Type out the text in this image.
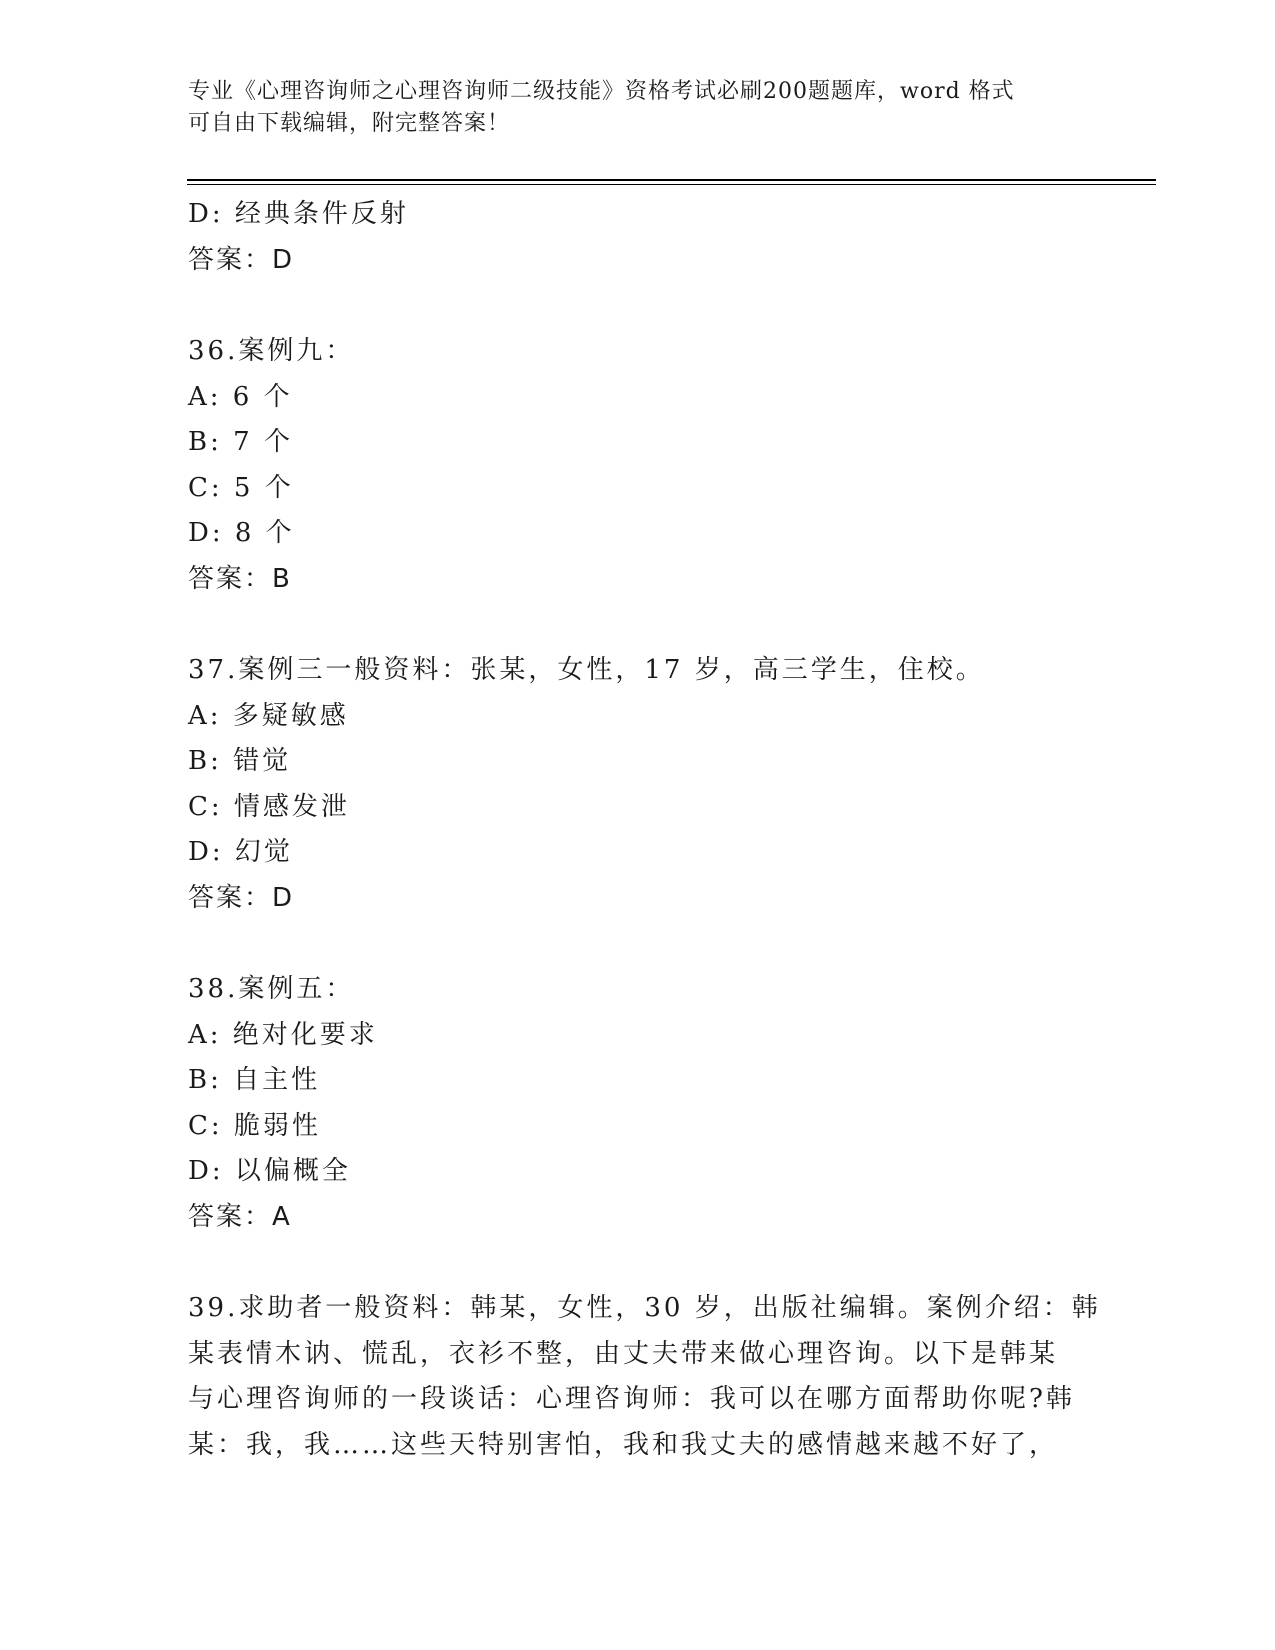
专业《心理咨询师之心理咨询师二级技能》资格考试必刷200题题库，word 格式
可自由下载编辑，附完整答案！
D: 经典条件反射
答案：D
36.案例九：
A: 6 个
B: 7 个
C: 5 个
D: 8 个
答案：B
37.案例三一般资料：张某，女性，17 岁，高三学生，住校。
A: 多疑敏感
B: 错觉
C: 情感发泄
D: 幻觉
答案：D
38.案例五：
A: 绝对化要求
B: 自主性
C: 脆弱性
D: 以偏概全
答案：A
39.求助者一般资料：韩某，女性，30 岁，出版社编辑。案例介绍：韩
某表情木讷、慌乱，衣衫不整，由丈夫带来做心理咨询。以下是韩某
与心理咨询师的一段谈话：心理咨询师：我可以在哪方面帮助你呢?韩
某：我，我……这些天特别害怕，我和我丈夫的感情越来越不好了，
